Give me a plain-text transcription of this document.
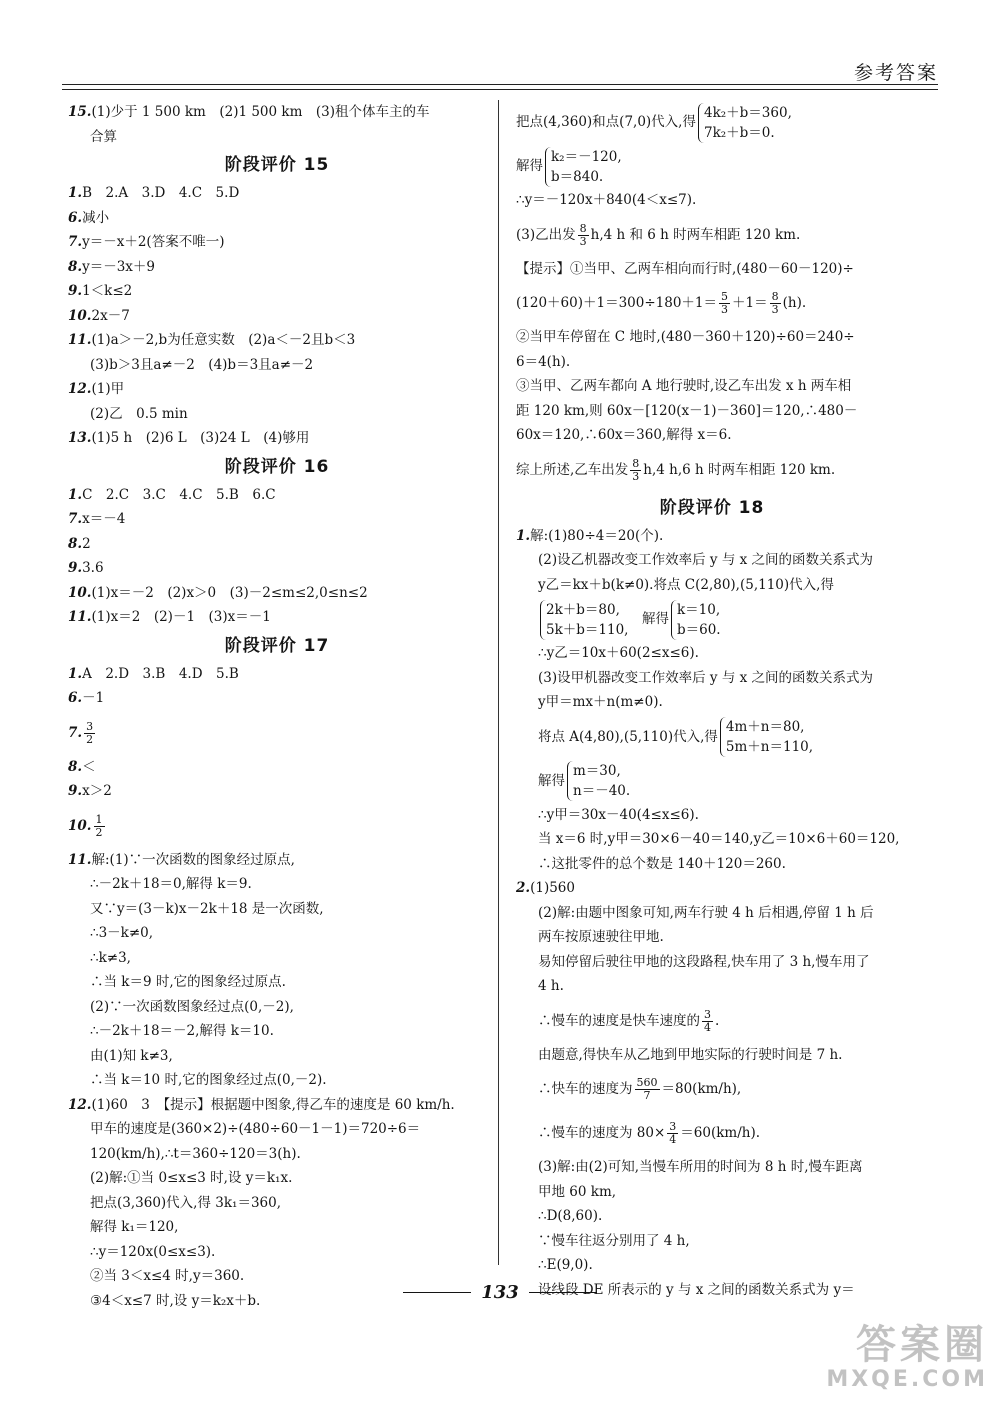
参考答案
15.(1)少于 1 500 km　(2)1 500 km　(3)租个体车主的车
合算
阶段评价 15
1.B　2.A　3.D　4.C　5.D
6.减小
7.y＝－x＋2(答案不唯一)
8.y＝－3x＋9
9.1＜k≤2
10.2x－7
11.(1)a＞－2,b为任意实数　(2)a＜－2且b＜3
(3)b＞3且a≠－2　(4)b＝3且a≠－2
12.(1)甲
(2)乙　0.5 min
13.(1)5 h　(2)6 L　(3)24 L　(4)够用
阶段评价 16
1.C　2.C　3.C　4.C　5.B　6.C
7.x＝－4
8.2
9.3.6
10.(1)x＝－2　(2)x＞0　(3)－2≤m≤2,0≤n≤2
11.(1)x＝2　(2)－1　(3)x＝－1
阶段评价 17
1.A　2.D　3.B　4.D　5.B
6.－1
7. $\frac{3}{2}$
8.＜
9.x＞2
10. $\frac{1}{2}$
11.解:(1)∵一次函数的图象经过原点,
∴－2k＋18＝0,解得 k＝9.
又∵y＝(3－k)x－2k＋18 是一次函数,
∴3－k≠0,
∴k≠3,
∴当 k＝9 时,它的图象经过原点.
(2)∵一次函数图象经过点(0,－2),
∴－2k＋18＝－2,解得 k＝10.
由(1)知 k≠3,
∴当 k＝10 时,它的图象经过点(0,－2).
12.(1)60　3　【提示】根据题中图象,得乙车的速度是 60 km/h.
甲车的速度是(360×2)÷(480÷60－1－1)＝720÷6＝
120(km/h),∴t＝360÷120＝3(h).
(2)解:①当 0≤x≤3 时,设 y＝k₁x.
把点(3,360)代入,得 3k₁＝360,
解得 k₁＝120,
∴y＝120x(0≤x≤3).
②当 3＜x≤4 时,y＝360.
③4＜x≤7 时,设 y＝k₂x＋b.
把点(4,360)和点(7,0)代入,得
4k₂＋b＝360,
7k₂＋b＝0.
解得
k₂＝－120,
b＝840.
∴y＝－120x＋840(4＜x≤7).
(3)乙出发 $\frac{8}{3} h,4$ h 和 6 h 时两车相距 120 km.
【提示】①当甲、乙两车相向而行时,(480－60－120)÷
$(120+60)+1=300\div 180+1= \frac{5}{3} +1= \frac{8}{3} (h)$.
②当甲车停留在 C 地时,(480－360＋120)÷60＝240÷
6＝4(h).
③当甲、乙两车都向 A 地行驶时,设乙车出发 x h 两车相
距 120 km,则 60x－[120(x－1)－360]＝120,∴480－
60x＝120,∴60x＝360,解得 x＝6.
综上所述,乙车出发 $\frac{8}{3} h,4$ h,6 h 时两车相距 120 km.
阶段评价 18
1.解:(1)80÷4＝20(个).
(2)设乙机器改变工作效率后 y 与 x 之间的函数关系式为
y乙＝kx＋b(k≠0).将点 C(2,80),(5,110)代入,得
2k＋b＝80,
5k＋b＝110,
　解得
k＝10,
b＝60.
∴y乙＝10x＋60(2≤x≤6).
(3)设甲机器改变工作效率后 y 与 x 之间的函数关系式为
y甲＝mx＋n(m≠0).
将点 A(4,80),(5,110)代入,得
4m＋n＝80,
5m＋n＝110,
解得
m＝30,
n＝－40.
∴y甲＝30x－40(4≤x≤6).
当 x＝6 时,y甲＝30×6－40＝140,y乙＝10×6＋60＝120,
∴这批零件的总个数是 140＋120＝260.
2.(1)560
(2)解:由题中图象可知,两车行驶 4 h 后相遇,停留 1 h 后
两车按原速驶往甲地.
易知停留后驶往甲地的这段路程,快车用了 3 h,慢车用了
4 h.
∴慢车的速度是快车速度的 $\frac{3}{4}$ .
由题意,得快车从乙地到甲地实际的行驶时间是 7 h.
∴快车的速度为 $\frac{560}{7} =80(km/h)$,
∴慢车的速度为 $80\times \frac{3}{4} =60(km/h)$.
(3)解:由(2)可知,当慢车所用的时间为 8 h 时,慢车距离
甲地 60 km,
∴D(8,60).
∵慢车往返分别用了 4 h,
∴E(9,0).
设线段 DE 所表示的 y 与 x 之间的函数关系式为 y＝
133
答案圈
MXQE.COM
